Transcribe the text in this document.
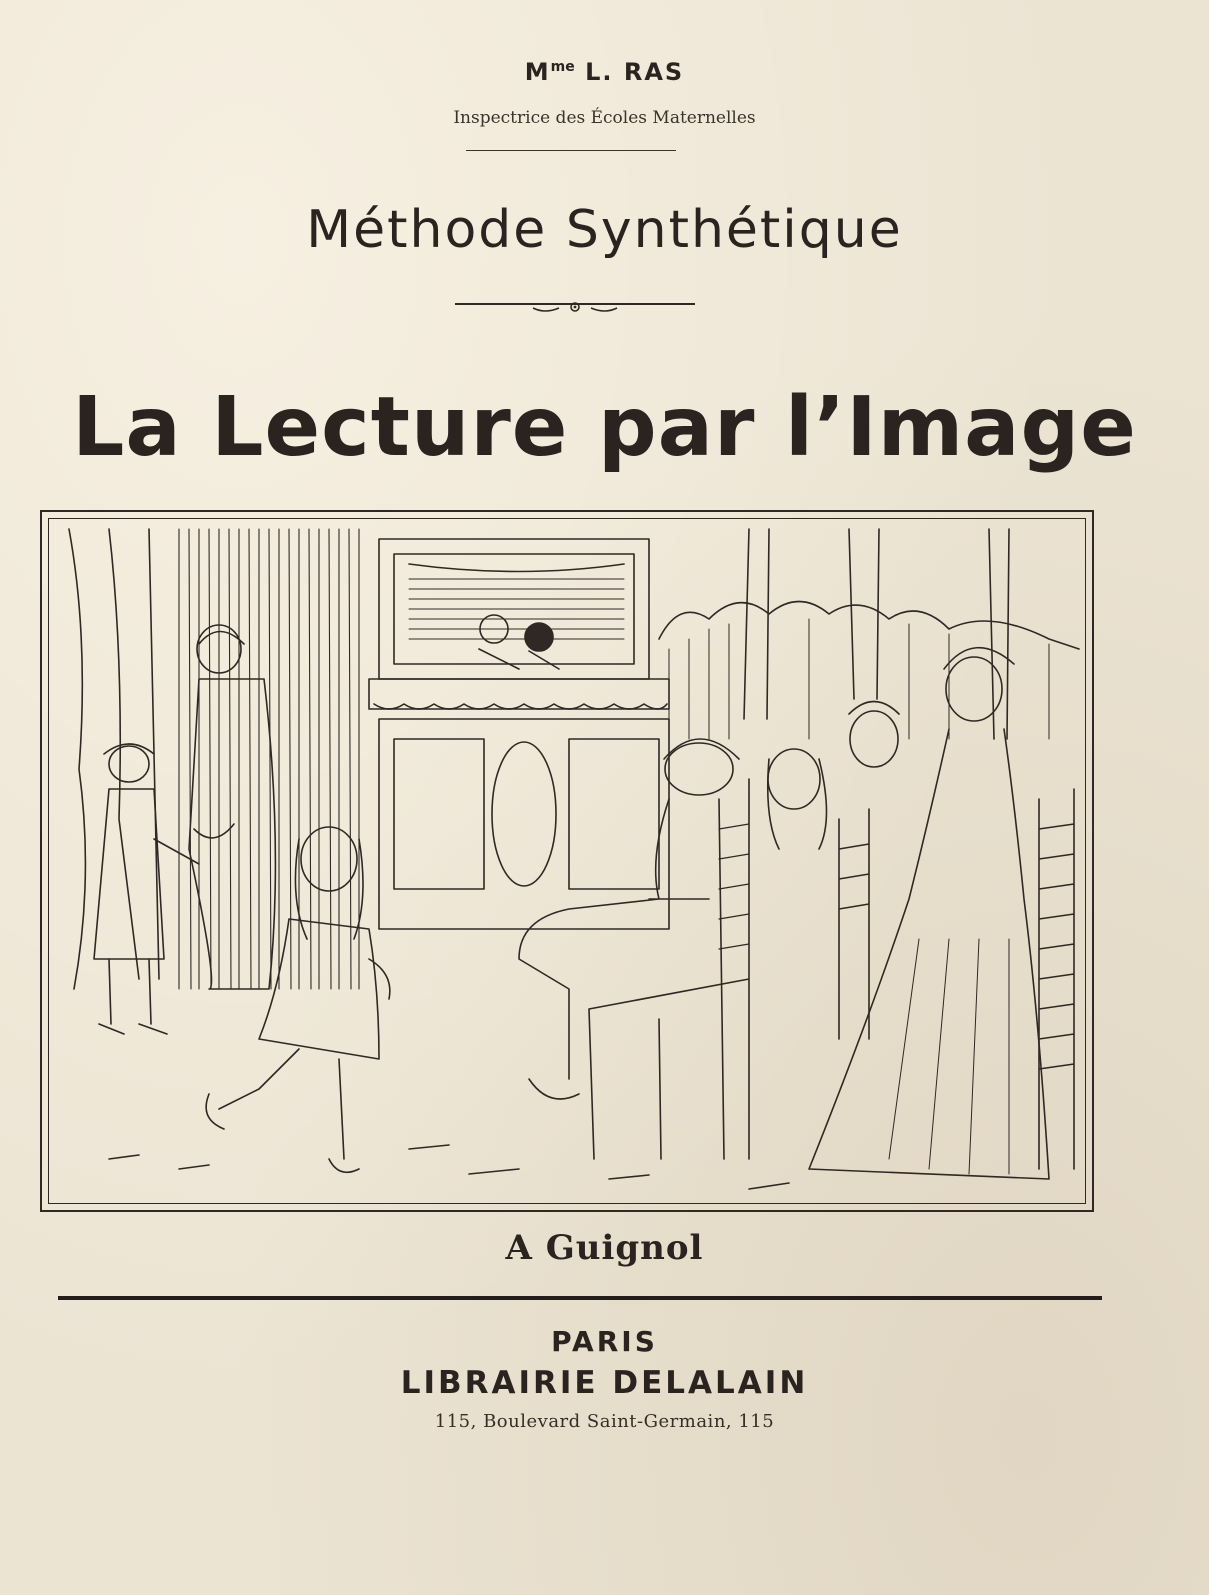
$M^{me}$ L. RAS
Inspectrice des Écoles Maternelles
Méthode Synthétique
La Lecture par l’Image
A Guignol
PARIS
LIBRAIRIE DELALAIN
115, Boulevard Saint-Germain, 115
